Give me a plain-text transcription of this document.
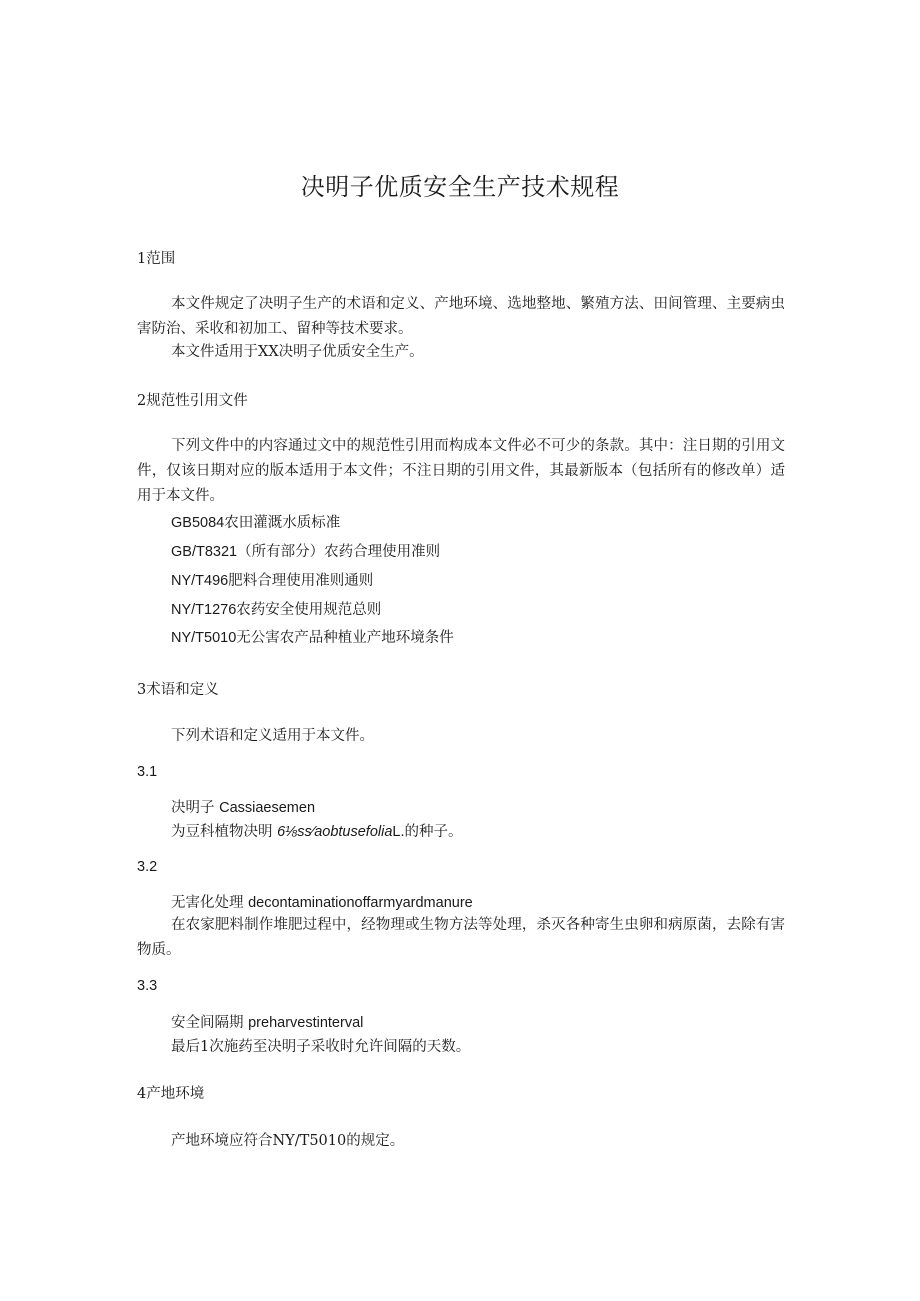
决明子优质安全生产技术规程

1范围

本文件规定了决明子生产的术语和定义、产地环境、选地整地、繁殖方法、田间管理、主要病虫害防治、采收和初加工、留种等技术要求。

本文件适用于XX决明子优质安全生产。

2规范性引用文件

下列文件中的内容通过文中的规范性引用而构成本文件必不可少的条款。其中：注日期的引用文件，仅该日期对应的版本适用于本文件；不注日期的引用文件，其最新版本（包括所有的修改单）适用于本文件。

GB5084农田灌溉水质标准

GB/T8321（所有部分）农药合理使用准则

NY/T496肥料合理使用准则通则

NY/T1276农药安全使用规范总则

NY/T5010无公害农产品种植业产地环境条件

3术语和定义

下列术语和定义适用于本文件。

3.1

决明子 Cassiaesemen

为豆科植物决明 6⅛ss⁄aobtusefoliaL.的种子。

3.2

无害化处理 decontaminationoffarmyardmanure

在农家肥料制作堆肥过程中，经物理或生物方法等处理，杀灭各种寄生虫卵和病原菌，去除有害物质。

3.3

安全间隔期 preharvestinterval

最后1次施药至决明子采收时允许间隔的天数。

4产地环境

产地环境应符合NY/T5010的规定。
